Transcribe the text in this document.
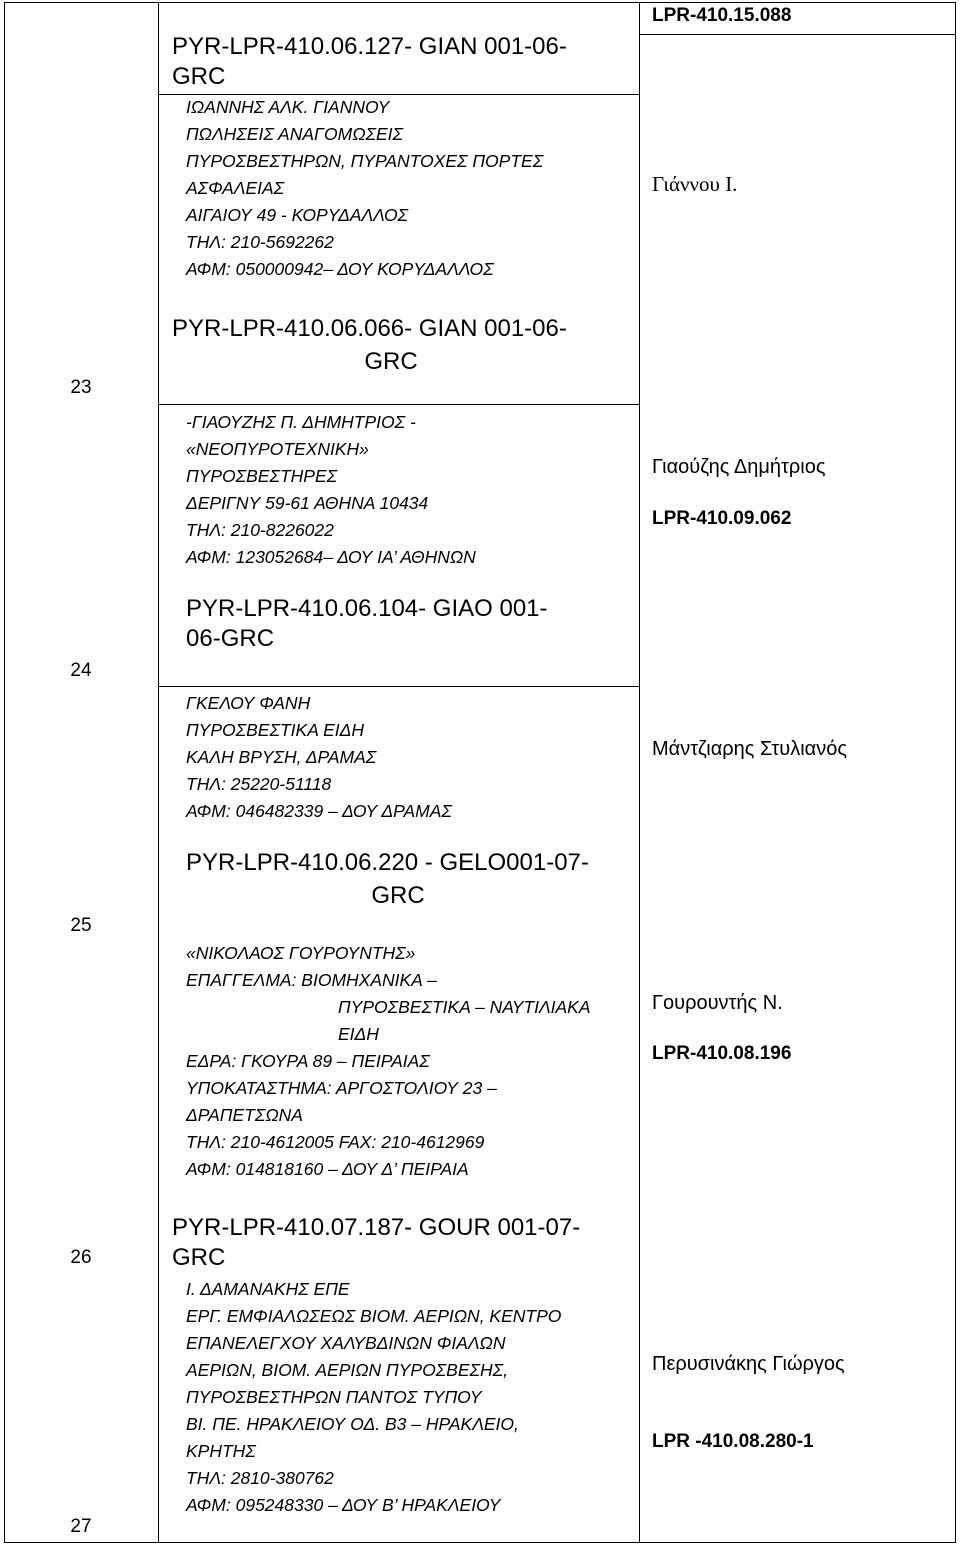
PYR-LPR-410.06.127- GIAN 001-06-
GRC
ΙΩΑΝΝΗΣ ΑΛΚ. ΓΙΑΝΝΟΥ
ΠΩΛΗΣΕΙΣ ΑΝΑΓΟΜΩΣΕΙΣ
ΠΥΡΟΣΒΕΣΤΗΡΩΝ, ΠΥΡΑΝΤΟΧΕΣ ΠΟΡΤΕΣ
ΑΣΦΑΛΕΙΑΣ
ΑΙΓΑΙΟΥ 49 - ΚΟΡΥΔΑΛΛΟΣ
ΤΗΛ: 210-5692262
ΑΦΜ: 050000942– ΔΟΥ ΚΟΡΥΔΑΛΛΟΣ
LPR-410.15.088
Γιάννου Ι.
23
PYR-LPR-410.06.066- GIAN 001-06-
GRC
-ΓΙΑΟΥΖΗΣ Π. ΔΗΜΗΤΡΙΟΣ -
«ΝΕΟΠΥΡΟΤΕΧΝΙΚΗ»
ΠΥΡΟΣΒΕΣΤΗΡΕΣ
ΔΕΡΙΓΝΥ 59-61 ΑΘΗΝΑ 10434
ΤΗΛ: 210-8226022
ΑΦΜ: 123052684– ΔΟΥ ΙΑ’ ΑΘΗΝΩΝ
Γιαούζης Δημήτριος
LPR-410.09.062
24
PYR-LPR-410.06.104- GIAO 001-
06-GRC
ΓΚΕΛΟΥ ΦΑΝΗ
ΠΥΡΟΣΒΕΣΤΙΚΑ ΕΙΔΗ
ΚΑΛΗ ΒΡΥΣΗ, ΔΡΑΜΑΣ
ΤΗΛ: 25220-51118
ΑΦΜ: 046482339 – ΔΟΥ ΔΡΑΜΑΣ
Μάντζιαρης Στυλιανός
25
PYR-LPR-410.06.220 - GELO001-07-
GRC
«ΝΙΚΟΛΑΟΣ ΓΟΥΡΟΥΝΤΗΣ»
ΕΠΑΓΓΕΛΜΑ: ΒΙΟΜΗΧΑΝΙΚΑ –
ΠΥΡΟΣΒΕΣΤΙΚΑ – ΝΑΥΤΙΛΙΑΚΑ
ΕΙΔΗ
ΕΔΡΑ: ΓΚΟΥΡΑ 89 – ΠΕΙΡΑΙΑΣ
ΥΠΟΚΑΤΑΣΤΗΜΑ: ΑΡΓΟΣΤΟΛΙΟΥ 23 –
ΔΡΑΠΕΤΣΩΝΑ
ΤΗΛ: 210-4612005 FAX: 210-4612969
ΑΦΜ: 014818160 – ΔΟΥ Δ’ ΠΕΙΡΑΙΑ
Γουρουντής Ν.
LPR-410.08.196
26
27
PYR-LPR-410.07.187- GOUR 001-07-
GRC
Ι. ΔΑΜΑΝΑΚΗΣ ΕΠΕ
ΕΡΓ. ΕΜΦΙΑΛΩΣΕΩΣ ΒΙΟΜ. ΑΕΡΙΩΝ, ΚΕΝΤΡΟ
ΕΠΑΝΕΛΕΓΧΟΥ ΧΑΛΥΒΔΙΝΩΝ ΦΙΑΛΩΝ
ΑΕΡΙΩΝ, ΒΙΟΜ. ΑΕΡΙΩΝ ΠΥΡΟΣΒΕΣΗΣ,
ΠΥΡΟΣΒΕΣΤΗΡΩΝ ΠΑΝΤΟΣ ΤΥΠΟΥ
ΒΙ. ΠΕ. ΗΡΑΚΛΕΙΟΥ ΟΔ. Β3 – ΗΡΑΚΛΕΙΟ,
ΚΡΗΤΗΣ
ΤΗΛ: 2810-380762
ΑΦΜ: 095248330 – ΔΟΥ Β’ ΗΡΑΚΛΕΙΟΥ
Περυσινάκης Γιώργος
LPR -410.08.280-1
